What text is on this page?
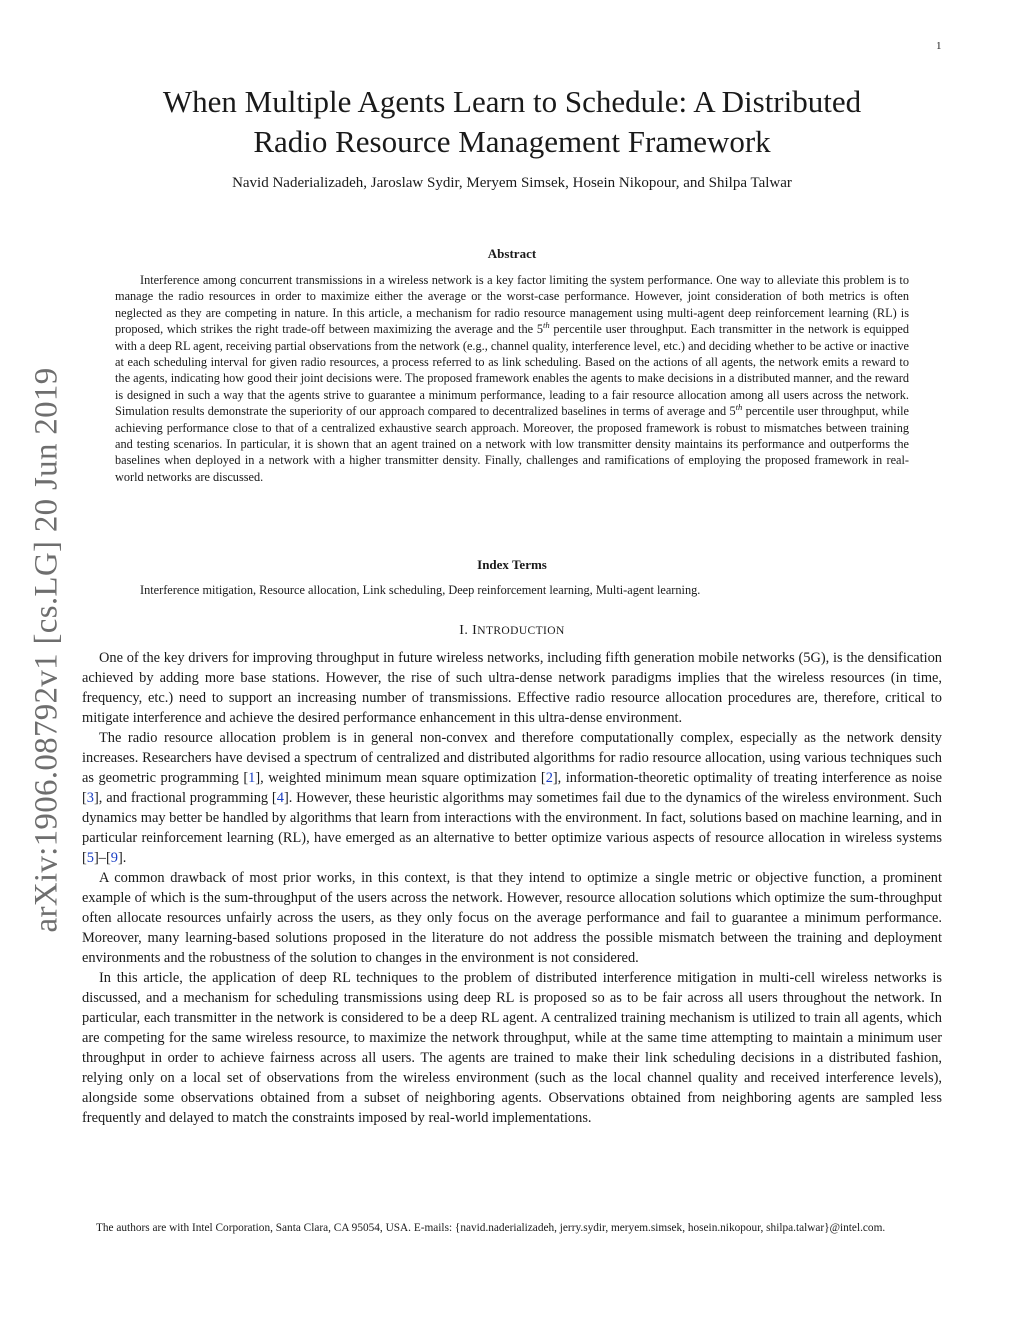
1
arXiv:1906.08792v1 [cs.LG] 20 Jun 2019
When Multiple Agents Learn to Schedule: A Distributed
Radio Resource Management Framework
Navid Naderializadeh, Jaroslaw Sydir, Meryem Simsek, Hosein Nikopour, and Shilpa Talwar
Abstract
Interference among concurrent transmissions in a wireless network is a key factor limiting the system performance. One way to alleviate this problem is to manage the radio resources in order to maximize either the average or the worst-case performance. However, joint consideration of both metrics is often neglected as they are competing in nature. In this article, a mechanism for radio resource management using multi-agent deep reinforcement learning (RL) is proposed, which strikes the right trade-off between maximizing the average and the 5th percentile user throughput. Each transmitter in the network is equipped with a deep RL agent, receiving partial observations from the network (e.g., channel quality, interference level, etc.) and deciding whether to be active or inactive at each scheduling interval for given radio resources, a process referred to as link scheduling. Based on the actions of all agents, the network emits a reward to the agents, indicating how good their joint decisions were. The proposed framework enables the agents to make decisions in a distributed manner, and the reward is designed in such a way that the agents strive to guarantee a minimum performance, leading to a fair resource allocation among all users across the network. Simulation results demonstrate the superiority of our approach compared to decentralized baselines in terms of average and 5th percentile user throughput, while achieving performance close to that of a centralized exhaustive search approach. Moreover, the proposed framework is robust to mismatches between training and testing scenarios. In particular, it is shown that an agent trained on a network with low transmitter density maintains its performance and outperforms the baselines when deployed in a network with a higher transmitter density. Finally, challenges and ramifications of employing the proposed framework in real-world networks are discussed.
Index Terms
Interference mitigation, Resource allocation, Link scheduling, Deep reinforcement learning, Multi-agent learning.
I. INTRODUCTION

One of the key drivers for improving throughput in future wireless networks, including fifth generation mobile networks (5G), is the densification achieved by adding more base stations. However, the rise of such ultra-dense network paradigms implies that the wireless resources (in time, frequency, etc.) need to support an increasing number of transmissions. Effective radio resource allocation procedures are, therefore, critical to mitigate interference and achieve the desired performance enhancement in this ultra-dense environment.

The radio resource allocation problem is in general non-convex and therefore computationally complex, especially as the network density increases. Researchers have devised a spectrum of centralized and distributed algorithms for radio resource allocation, using various techniques such as geometric programming [1], weighted minimum mean square optimization [2], information-theoretic optimality of treating interference as noise [3], and fractional programming [4]. However, these heuristic algorithms may sometimes fail due to the dynamics of the wireless environment. Such dynamics may better be handled by algorithms that learn from interactions with the environment. In fact, solutions based on machine learning, and in particular reinforcement learning (RL), have emerged as an alternative to better optimize various aspects of resource allocation in wireless systems [5]–[9].

A common drawback of most prior works, in this context, is that they intend to optimize a single metric or objective function, a prominent example of which is the sum-throughput of the users across the network. However, resource allocation solutions which optimize the sum-throughput often allocate resources unfairly across the users, as they only focus on the average performance and fail to guarantee a minimum performance. Moreover, many learning-based solutions proposed in the literature do not address the possible mismatch between the training and deployment environments and the robustness of the solution to changes in the environment is not considered.

In this article, the application of deep RL techniques to the problem of distributed interference mitigation in multi-cell wireless networks is discussed, and a mechanism for scheduling transmissions using deep RL is proposed so as to be fair across all users throughout the network. In particular, each transmitter in the network is considered to be a deep RL agent. A centralized training mechanism is utilized to train all agents, which are competing for the same wireless resource, to maximize the network throughput, while at the same time attempting to maintain a minimum user throughput in order to achieve fairness across all users. The agents are trained to make their link scheduling decisions in a distributed fashion, relying only on a local set of observations from the wireless environment (such as the local channel quality and received interference levels), alongside some observations obtained from a subset of neighboring agents. Observations obtained from neighboring agents are sampled less frequently and delayed to match the constraints imposed by real-world implementations.

The authors are with Intel Corporation, Santa Clara, CA 95054, USA. E-mails: {navid.naderializadeh, jerry.sydir, meryem.simsek, hosein.nikopour, shilpa.talwar}@intel.com.
